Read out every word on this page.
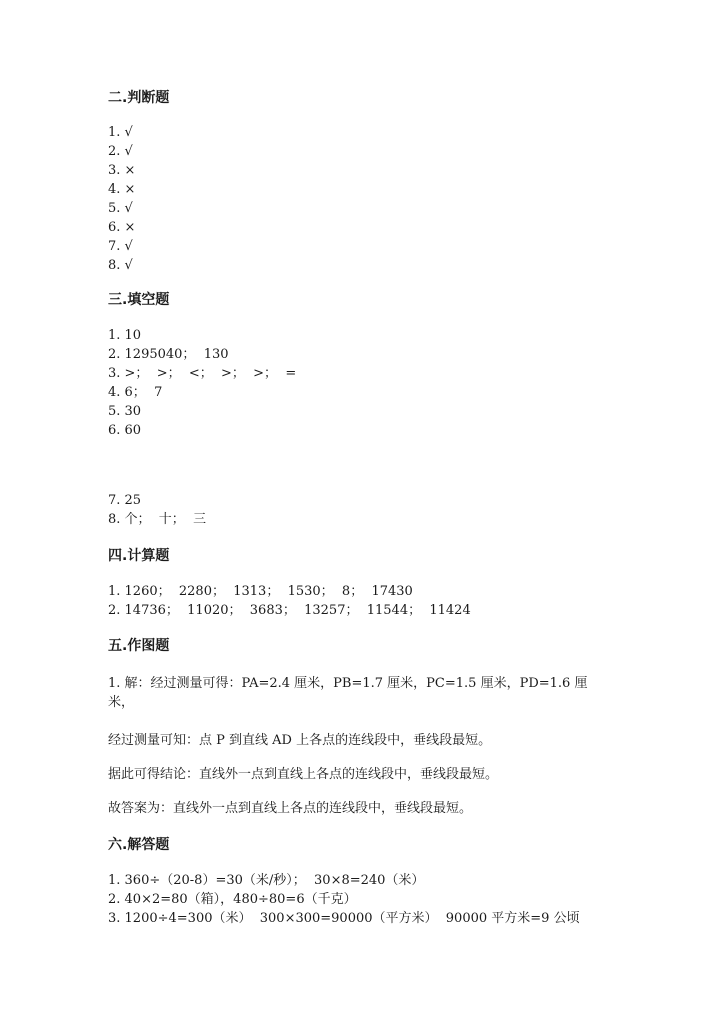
二.判断题
1. √
2. √
3. ×
4. ×
5. √
6. ×
7. √
8. √
三.填空题
1. 10
2. 1295040；  130
3. >；  >；  <；  >；  >；  =
4. 6；  7
5. 30
6. 60
7. 25
8. 个；  十；  三
四.计算题
1. 1260；  2280；  1313；  1530；  8；  17430
2. 14736；  11020；  3683；  13257；  11544；  11424
五.作图题
1. 解：经过测量可得：PA=2.4 厘米，PB=1.7 厘米，PC=1.5 厘米，PD=1.6 厘米，
经过测量可知：点 P 到直线 AD 上各点的连线段中，垂线段最短。
据此可得结论：直线外一点到直线上各点的连线段中，垂线段最短。
故答案为：直线外一点到直线上各点的连线段中，垂线段最短。
六.解答题
1. 360÷（20-8）=30（米/秒）；  30×8=240（米）
2. 40×2=80（箱），480÷80=6（千克）
3. 1200÷4=300（米）  300×300=90000（平方米）  90000 平方米=9 公顷
